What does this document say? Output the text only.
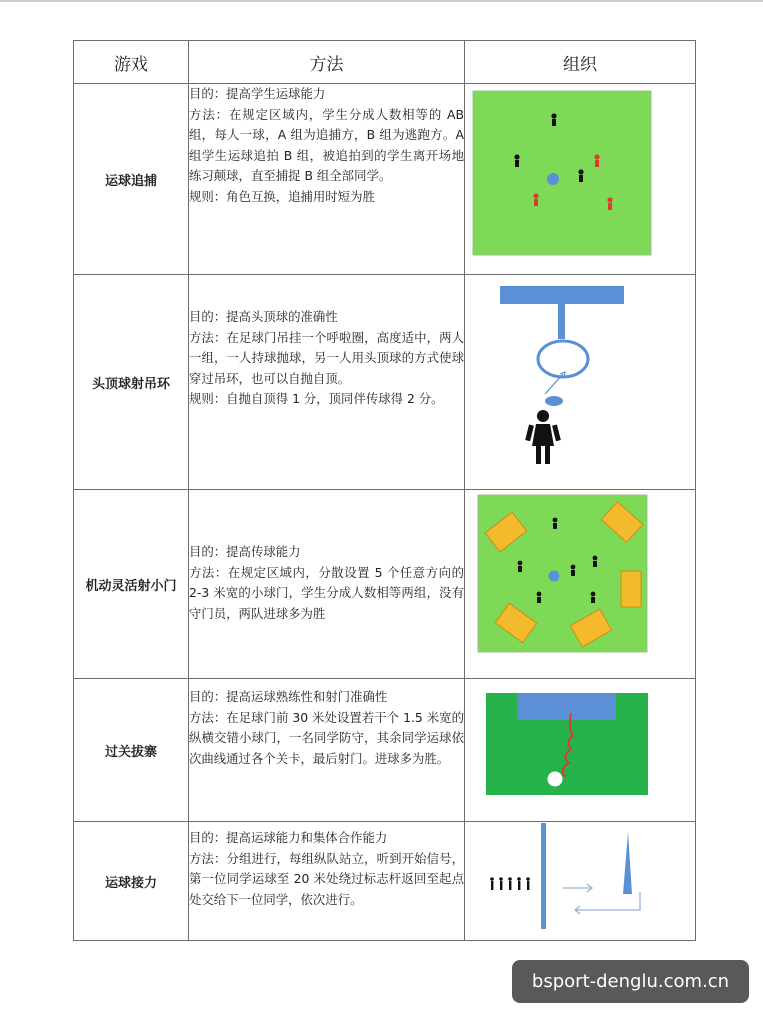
游戏	方法	组织
运球追捕	目的：提高学生运球能力
方法：在规定区域内，学生分成人数相等的 AB 组，每人一球，A 组为追捕方，B 组为逃跑方。A 组学生运球追拍 B 组，被追拍到的学生离开场地练习颠球，直至捕捉 B 组全部同学。
规则：角色互换，追捕用时短为胜

头顶球射吊环	目的：提高头顶球的准确性
方法：在足球门吊挂一个呼啦圈，高度适中，两人一组，一人持球抛球，另一人用头顶球的方式使球穿过吊环，也可以自抛自顶。
规则：自抛自顶得 1 分，顶同伴传球得 2 分。

机动灵活射小门	目的：提高传球能力
方法：在规定区域内，分散设置 5 个任意方向的 2-3 米宽的小球门，学生分成人数相等两组，没有守门员，两队进球多为胜

过关拔寨	目的：提高运球熟练性和射门准确性
方法：在足球门前 30 米处设置若干个 1.5 米宽的纵横交错小球门，一名同学防守，其余同学运球依次曲线通过各个关卡，最后射门。进球多为胜。

运球接力	目的：提高运球能力和集体合作能力
方法：分组进行，每组纵队站立，听到开始信号，第一位同学运球至 20 米处绕过标志杆返回至起点处交给下一位同学，依次进行。

bsport-denglu.com.cn
